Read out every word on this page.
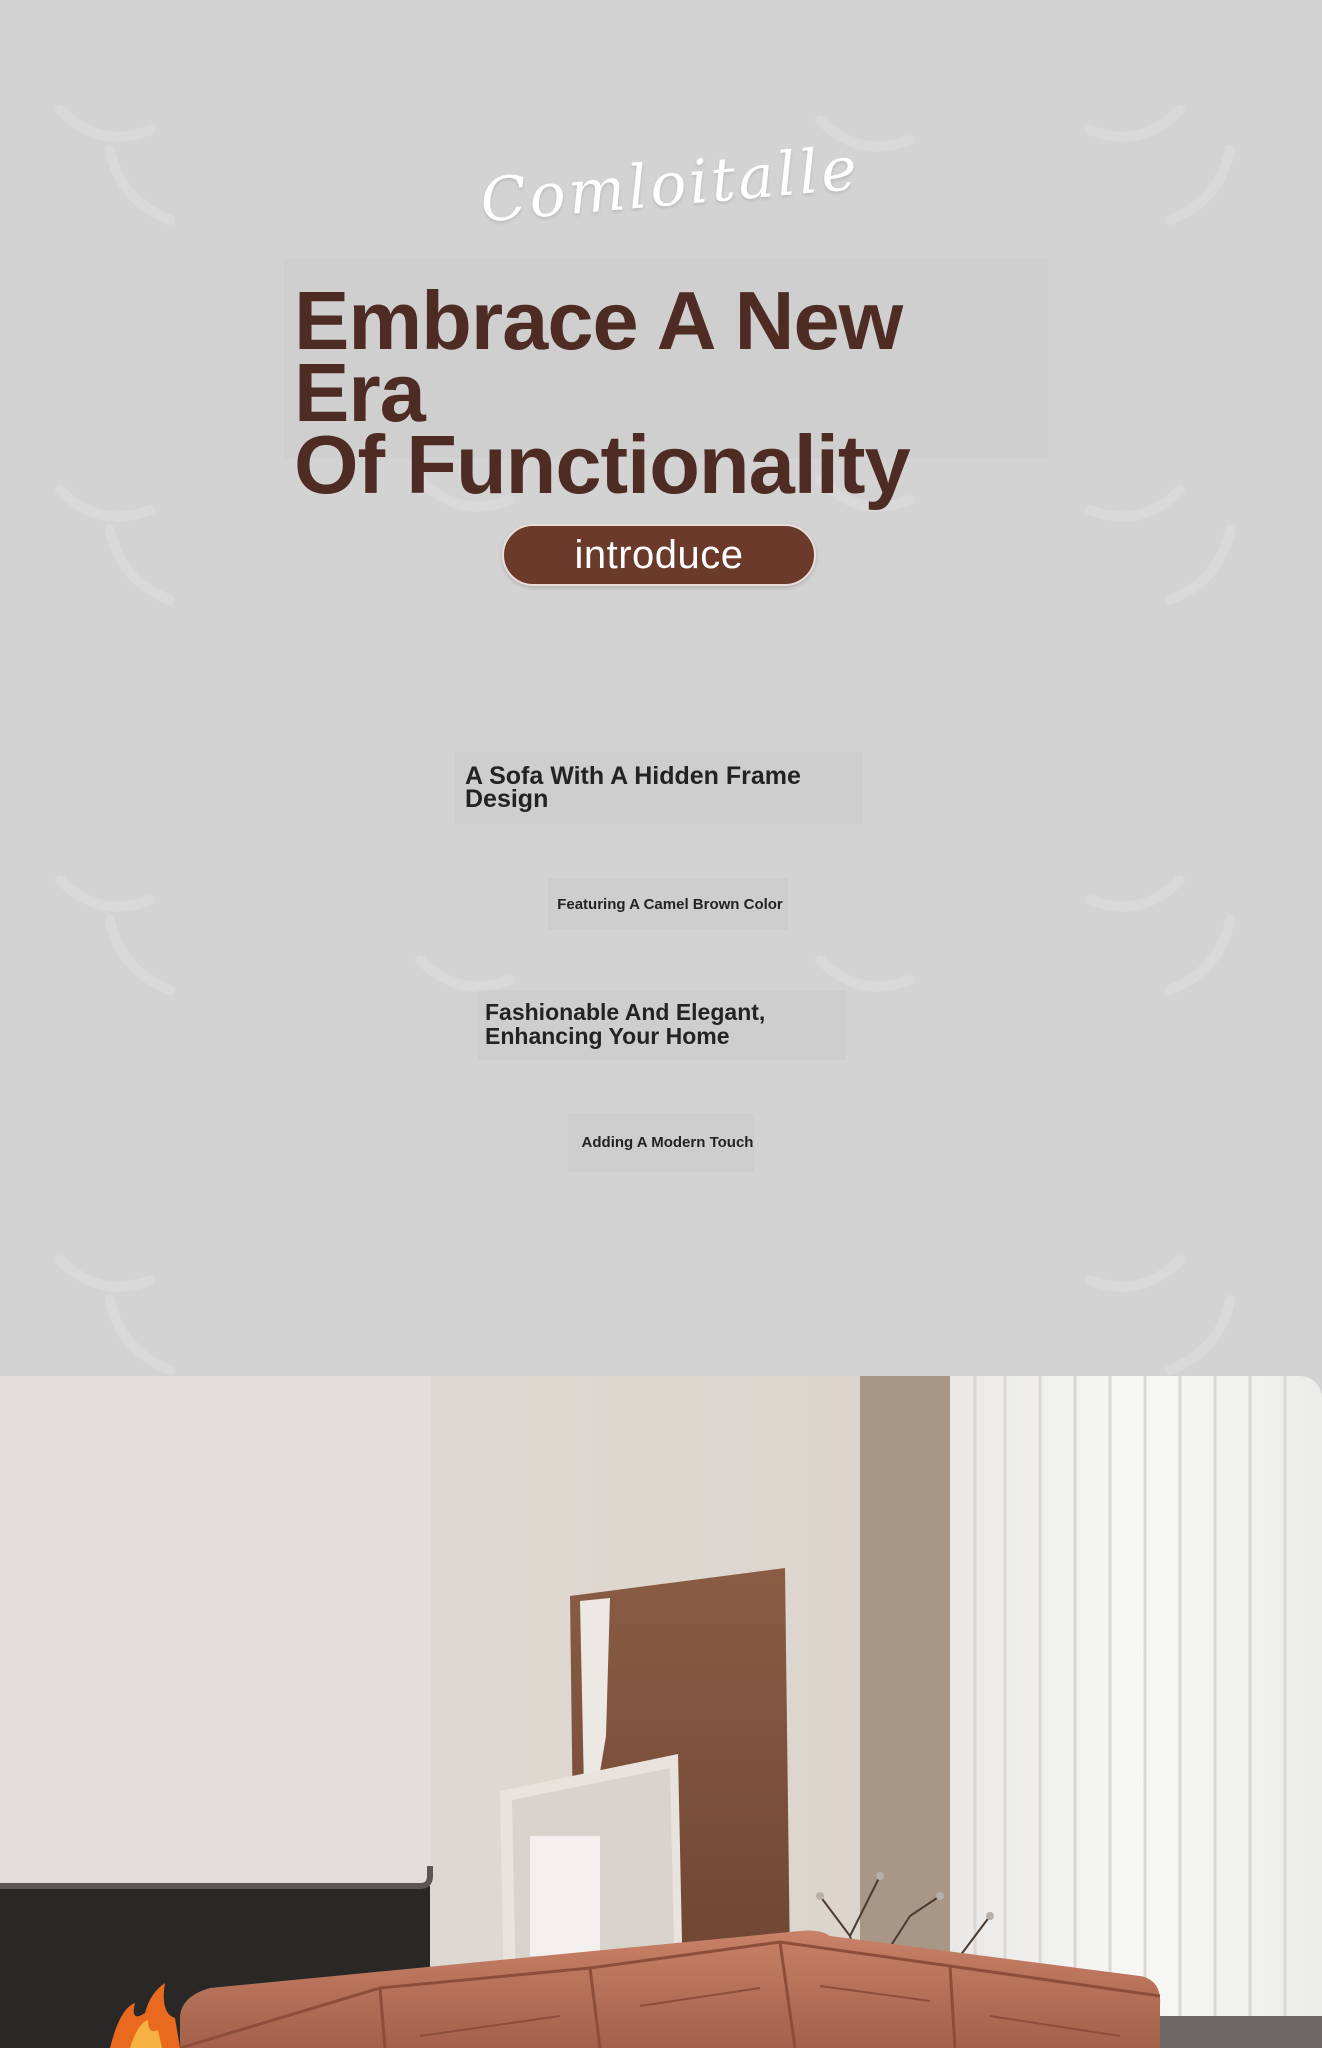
Comloitalle
Embrace A New Era
Of Functionality
introduce
A Sofa With A Hidden Frame Design
Featuring A Camel Brown Color
Fashionable And Elegant, Enhancing Your Home
Adding A Modern Touch
